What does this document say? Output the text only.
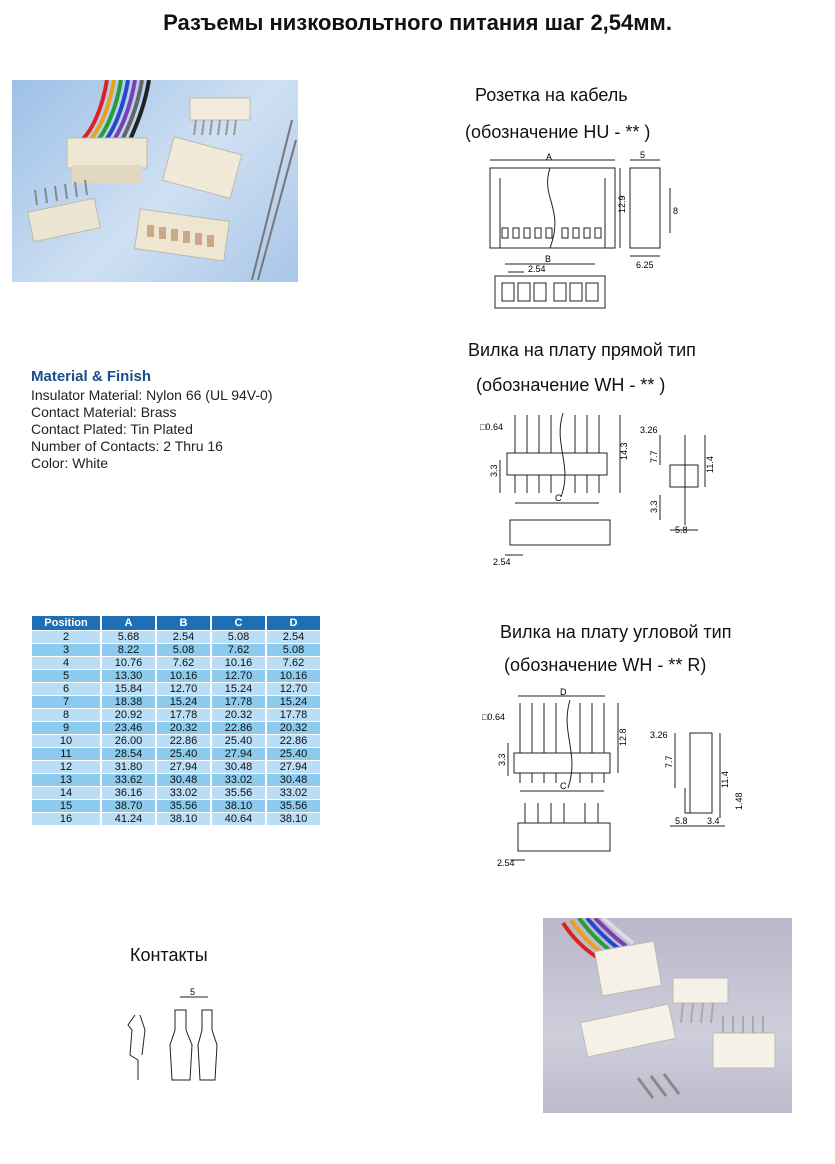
Разъемы низковольтного питания шаг 2,54мм.
Розетка на кабель
(обозначение HU - ** )
A
12.9
5
8
6.25
B
2.54
Material & Finish
Insulator Material: Nylon 66 (UL 94V-0)
Contact Material: Brass
Contact Plated: Tin Plated
Number of Contacts: 2 Thru 16
Color: White
Вилка на плату прямой тип
(обозначение WH - ** )
□0.64
14.3
3.3
C
2.54
3.26
7.7	11.4
3.3
5.8
Position	A	B	C	D
2	5.68	2.54	5.08	2.54
3	8.22	5.08	7.62	5.08
4	10.76	7.62	10.16	7.62
5	13.30	10.16	12.70	10.16
6	15.84	12.70	15.24	12.70
7	18.38	15.24	17.78	15.24
8	20.92	17.78	20.32	17.78
9	23.46	20.32	22.86	20.32
10	26.00	22.86	25.40	22.86
11	28.54	25.40	27.94	25.40
12	31.80	27.94	30.48	27.94
13	33.62	30.48	33.02	30.48
14	36.16	33.02	35.56	33.02
15	38.70	35.56	38.10	35.56
16	41.24	38.10	40.64	38.10
Вилка на плату угловой тип
(обозначение WH - ** R)
D
□0.64
12.8
3.3
C
2.54
3.26
7.7
11.4
1.48
5.8 3.4
Контакты
5
